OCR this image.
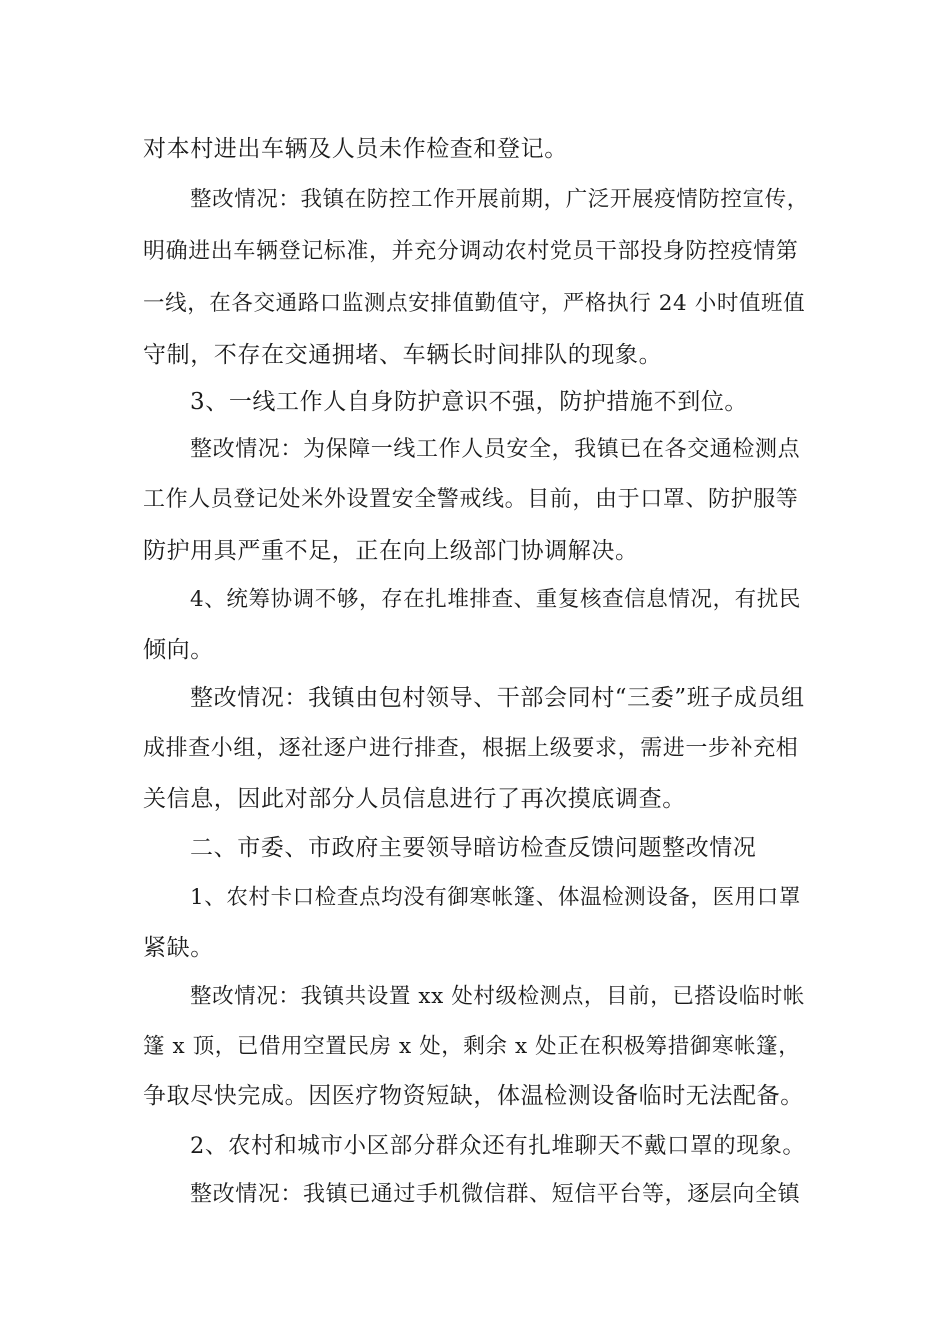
对本村进出车辆及人员未作检查和登记。
整改情况：我镇在防控工作开展前期，广泛开展疫情防控宣传，
明确进出车辆登记标准，并充分调动农村党员干部投身防控疫情第
一线，在各交通路口监测点安排值勤值守，严格执行 24 小时值班值
守制，不存在交通拥堵、车辆长时间排队的现象。
3、一线工作人自身防护意识不强，防护措施不到位。
整改情况：为保障一线工作人员安全，我镇已在各交通检测点
工作人员登记处米外设置安全警戒线。目前，由于口罩、防护服等
防护用具严重不足，正在向上级部门协调解决。
4、统筹协调不够，存在扎堆排查、重复核查信息情况，有扰民
倾向。
整改情况：我镇由包村领导、干部会同村“三委”班子成员组
成排查小组，逐社逐户进行排查，根据上级要求，需进一步补充相
关信息，因此对部分人员信息进行了再次摸底调查。
二、市委、市政府主要领导暗访检查反馈问题整改情况
1、农村卡口检查点均没有御寒帐篷、体温检测设备，医用口罩
紧缺。
整改情况：我镇共设置 xx 处村级检测点，目前，已搭设临时帐
篷 x 顶，已借用空置民房 x 处，剩余 x 处正在积极筹措御寒帐篷，
争取尽快完成。因医疗物资短缺，体温检测设备临时无法配备。
2、农村和城市小区部分群众还有扎堆聊天不戴口罩的现象。
整改情况：我镇已通过手机微信群、短信平台等，逐层向全镇
